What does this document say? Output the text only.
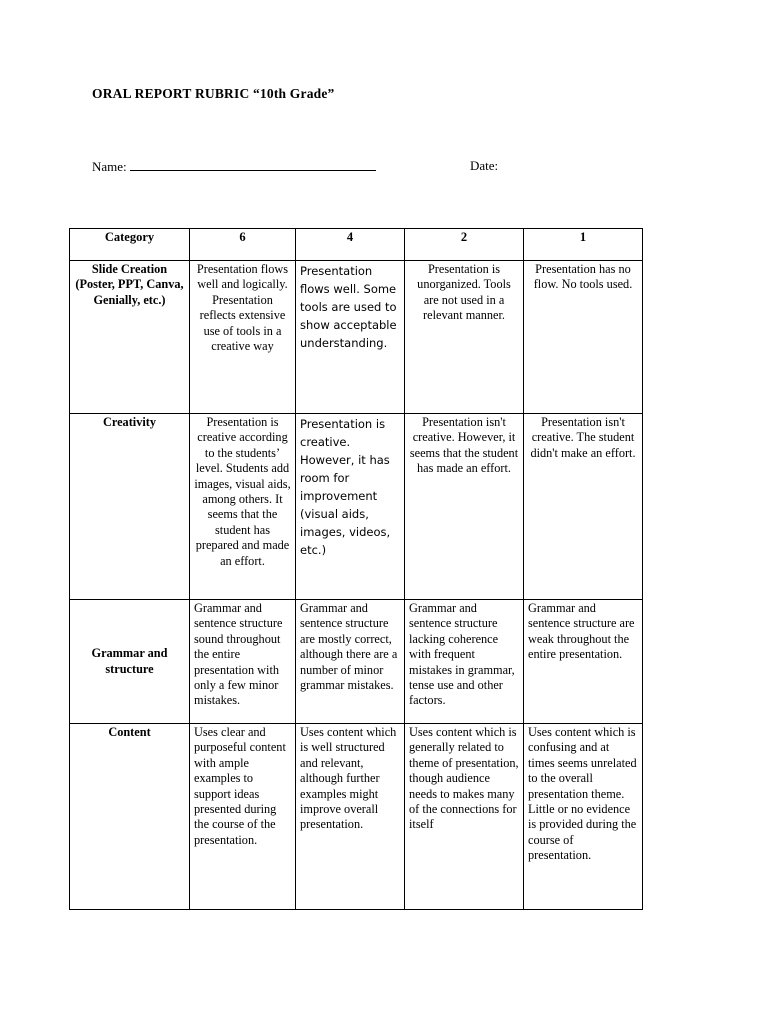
ORAL REPORT RUBRIC “10th Grade”
Name:	Date:
Category	6	4	2	1
Slide Creation (Poster, PPT, Canva, Genially, etc.)	Presentation flows well and logically. Presentation reflects extensive use of tools in a creative way	Presentation flows well. Some tools are used to show acceptable understanding.	Presentation is unorganized. Tools are not used in a relevant manner.	Presentation has no flow. No tools used.
Creativity	Presentation is creative according to the students’ level. Students add images, visual aids, among others. It seems that the student has prepared and made an effort.	Presentation is creative. However, it has room for improvement (visual aids, images, videos, etc.)	Presentation isn't creative. However, it seems that the student has made an effort.	Presentation isn't creative. The student didn't make an effort.
Grammar and structure	Grammar and sentence structure sound throughout the entire presentation with only a few minor mistakes.	Grammar and sentence structure are mostly correct, although there are a number of minor grammar mistakes.	Grammar and sentence structure lacking coherence with frequent mistakes in grammar, tense use and other factors.	Grammar and sentence structure are weak throughout the entire presentation.
Content	Uses clear and purposeful content with ample examples to support ideas presented during the course of the presentation.	Uses content which is well structured and relevant, although further examples might improve overall presentation.	Uses content which is generally related to theme of presentation, though audience needs to makes many of the connections for itself	Uses content which is confusing and at times seems unrelated to the overall presentation theme. Little or no evidence is provided during the course of presentation.
